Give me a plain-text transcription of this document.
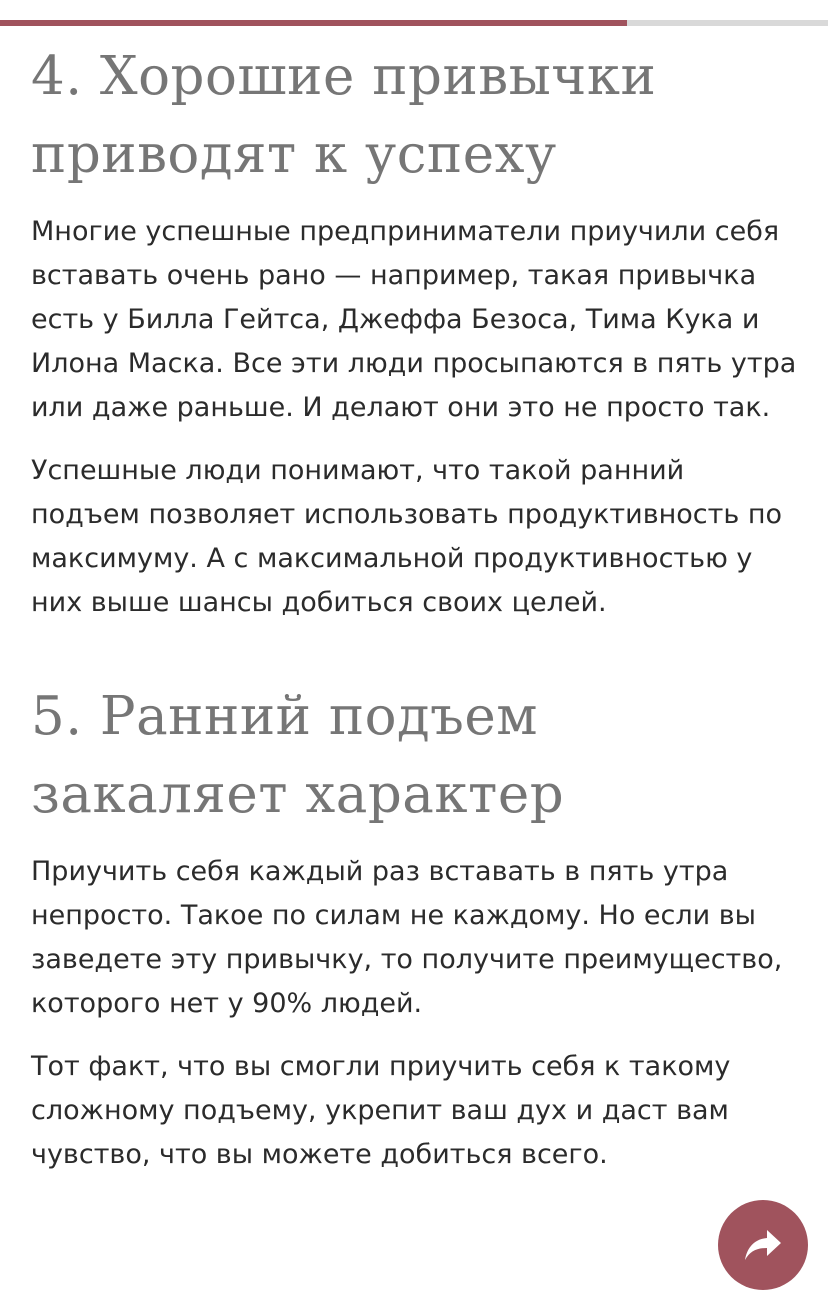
4. Хорошие привычки приводят к успеху

Многие успешные предприниматели приучили себя вставать очень рано — например, такая привычка есть у Билла Гейтса, Джеффа Безоса, Тима Кука и Илона Маска. Все эти люди просыпаются в пять утра или даже раньше. И делают они это не просто так.

Успешные люди понимают, что такой ранний подъем позволяет использовать продуктивность по максимуму. А с максимальной продуктивностью у них выше шансы добиться своих целей.

5. Ранний подъем закаляет характер

Приучить себя каждый раз вставать в пять утра непросто. Такое по силам не каждому. Но если вы заведете эту привычку, то получите преимущество, которого нет у 90% людей.

Тот факт, что вы смогли приучить себя к такому сложному подъему, укрепит ваш дух и даст вам чувство, что вы можете добиться всего.
